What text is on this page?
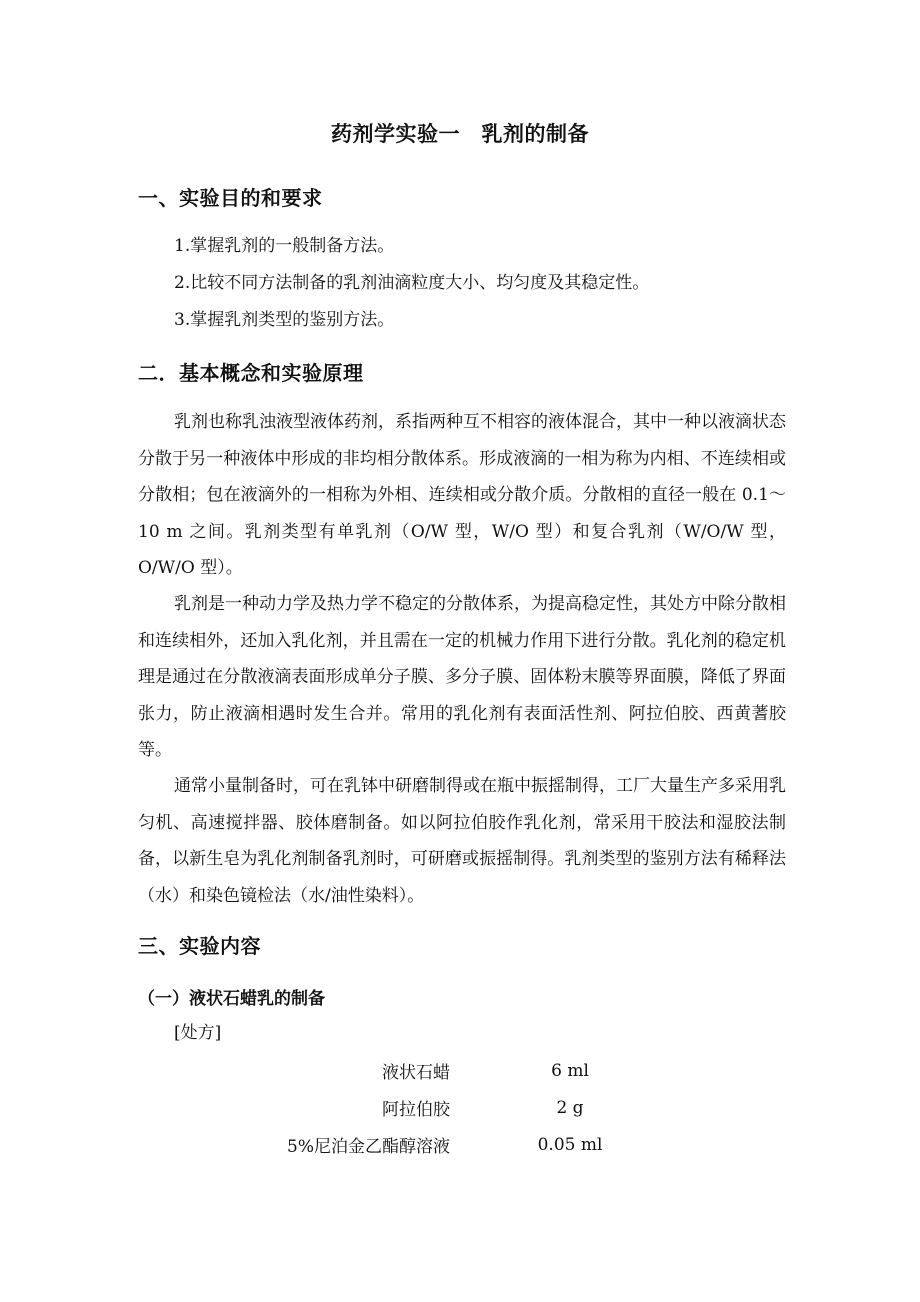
药剂学实验一　乳剂的制备
一、实验目的和要求
1.掌握乳剂的一般制备方法。
2.比较不同方法制备的乳剂油滴粒度大小、均匀度及其稳定性。
3.掌握乳剂类型的鉴别方法。
二．基本概念和实验原理
乳剂也称乳浊液型液体药剂，系指两种互不相容的液体混合，其中一种以液滴状态分散于另一种液体中形成的非均相分散体系。形成液滴的一相为称为内相、不连续相或分散相；包在液滴外的一相称为外相、连续相或分散介质。分散相的直径一般在 0.1～10 m 之间。乳剂类型有单乳剂（O/W 型，W/O 型）和复合乳剂（W/O/W 型，O/W/O 型）。
乳剂是一种动力学及热力学不稳定的分散体系，为提高稳定性，其处方中除分散相和连续相外，还加入乳化剂，并且需在一定的机械力作用下进行分散。乳化剂的稳定机理是通过在分散液滴表面形成单分子膜、多分子膜、固体粉末膜等界面膜，降低了界面张力，防止液滴相遇时发生合并。常用的乳化剂有表面活性剂、阿拉伯胶、西黄蓍胶等。
通常小量制备时，可在乳钵中研磨制得或在瓶中振摇制得，工厂大量生产多采用乳匀机、高速搅拌器、胶体磨制备。如以阿拉伯胶作乳化剂，常采用干胶法和湿胶法制备，以新生皂为乳化剂制备乳剂时，可研磨或振摇制得。乳剂类型的鉴别方法有稀释法（水）和染色镜检法（水/油性染料）。
三、实验内容
（一）液状石蜡乳的制备
[处方]
液状石蜡	6 ml
阿拉伯胶	2 g
5%尼泊金乙酯醇溶液	0.05 ml
